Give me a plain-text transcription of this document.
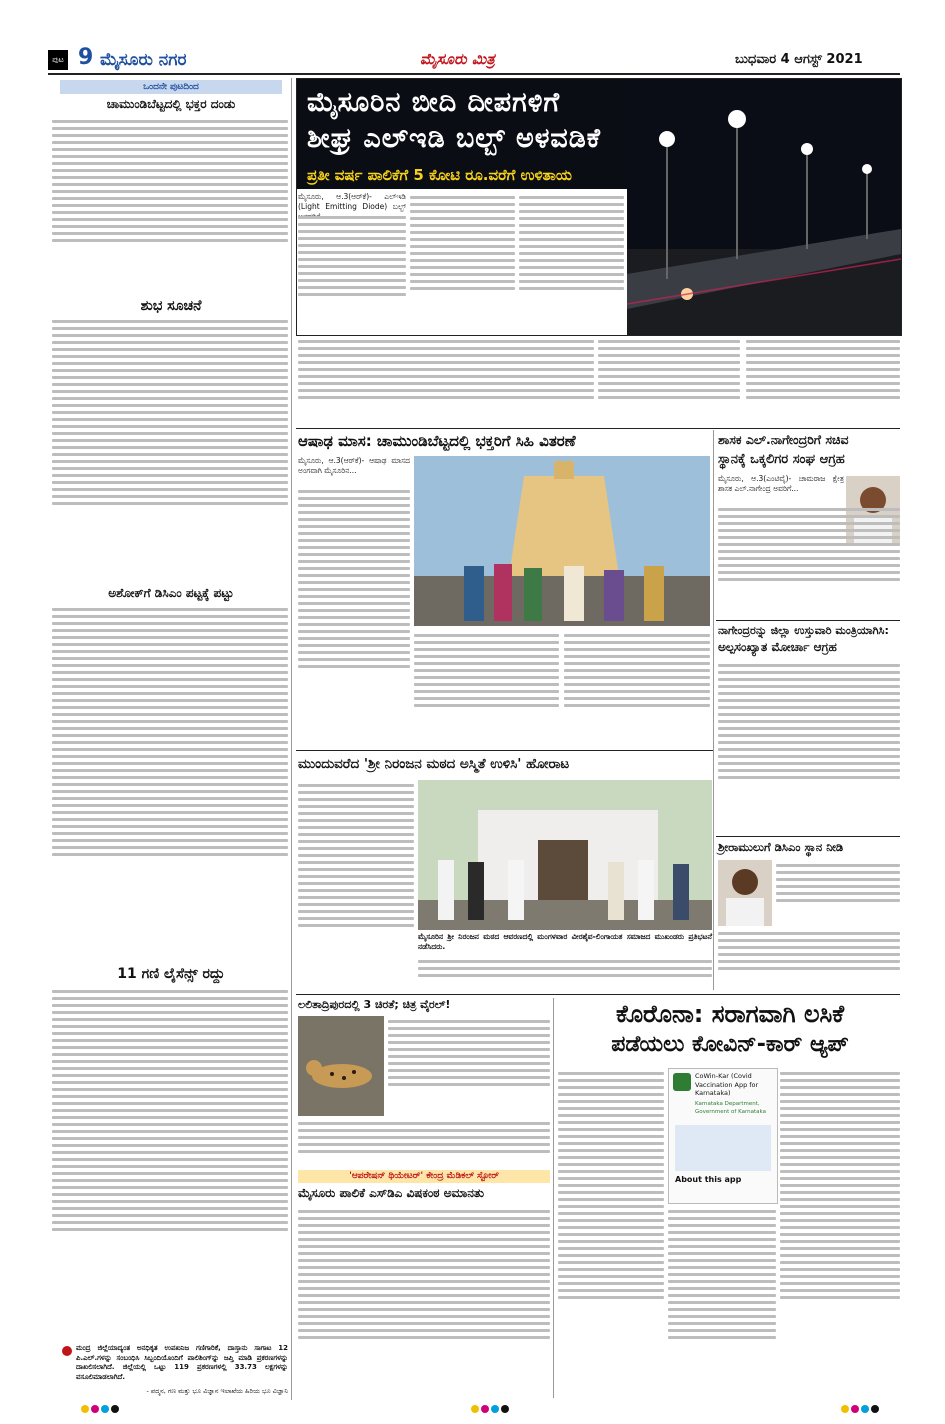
ಪುಟ 9 ಮೈಸೂರು ನಗರ	ಮೈಸೂರು ಮಿತ್ರ	ಬುಧವಾರ 4 ಆಗಸ್ಟ್ 2021
ಒಂದನೇ ಪುಟದಿಂದ
ಚಾಮುಂಡಿಬೆಟ್ಟದಲ್ಲಿ ಭಕ್ತರ ದಂಡು
ಶುಭ ಸೂಚನೆ
ಅಶೋಕ್‌ಗೆ ಡಿಸಿಎಂ ಪಟ್ಟಕ್ಕೆ ಪಟ್ಟು
11 ಗಣಿ ಲೈಸೆನ್ಸ್ ರದ್ದು
ಮಂದ್ರ ಜಿಲ್ಲೆಯಾದ್ಯಂತ ಅನಧಿಕೃತ ಉಪಖನಿಜ ಗಣಿಗಾರಿಕೆ, ದಾಸ್ತಾನು ಸಾಗಾಟ 12 ಪಿ.ಎಲ್.ಗಳನ್ನು ಸಂಬಂಧಿಸಿ ಸಿಬ್ಬಂದಿಯೊಂದಿಗೆ ಪಾಲಿಶಿಂಗ್‌ನ್ನು ಜಪ್ತಿ ಮಾಡಿ ಪ್ರಕರಣಗಳನ್ನು ದಾಖಲಿಸಲಾಗಿದೆ. ಜಿಲ್ಲೆಯಲ್ಲಿ ಒಟ್ಟು 119 ಪ್ರಕರಣಗಳಲ್ಲಿ 33.73 ಲಕ್ಷಗಳನ್ನು ವಸೂಲಿಮಾಡಲಾಗಿದೆ.
- ಪದ್ಮನ, ಗಣ ಮತ್ತು ಭೂ ವಿಜ್ಞಾನ ಇಲಾಖೆಯ ಹಿರಿಯ ಭೂ ವಿಜ್ಞಾನಿ
ಮೈಸೂರಿನ ಬೀದಿ ದೀಪಗಳಿಗೆ
ಶೀಘ್ರ ಎಲ್‌ಇಡಿ ಬಲ್ಬ್ ಅಳವಡಿಕೆ
ಪ್ರತೀ ವರ್ಷ ಪಾಲಿಕೆಗೆ 5 ಕೋಟಿ ರೂ.ವರೆಗೆ ಉಳಿತಾಯ
ಮೈಸೂರು, ಆ.3(ಆರ್‌ಕೆ)- ಎಲ್ಇಡಿ (Light Emitting Diode) ಬಲ್ಬ್
ಆಷಾಢ ಮಾಸ: ಚಾಮುಂಡಿಬೆಟ್ಟದಲ್ಲಿ ಭಕ್ತರಿಗೆ ಸಿಹಿ ವಿತರಣೆ
ಮೈಸೂರು, ಆ.3(ಆರ್‌ಕೆ)- ಆಷಾಢ ಮಾಸದ ಅಂಗವಾಗಿ ಮೈಸೂರಿನ...
ಶಾಸಕ ಎಲ್.ನಾಗೇಂದ್ರರಿಗೆ ಸಚಿವ
ಸ್ಥಾನಕ್ಕೆ ಒಕ್ಕಲಿಗರ ಸಂಘ ಆಗ್ರಹ
ಮೈಸೂರು, ಆ.3(ಎಂಟಿವೈ)- ಚಾಮರಾಜ ಕ್ಷೇತ್ರ ಶಾಸಕ ಎಲ್.ನಾಗೇಂದ್ರ ಅವರಿಗೆ...
ನಾಗೇಂದ್ರರನ್ನು ಜಿಲ್ಲಾ ಉಸ್ತುವಾರಿ ಮಂತ್ರಿಯಾಗಿಸಿ:
ಅಲ್ಪಸಂಖ್ಯಾತ ಮೋರ್ಚಾ ಆಗ್ರಹ
ಶ್ರೀರಾಮುಲುಗೆ ಡಿಸಿಎಂ ಸ್ಥಾನ ನೀಡಿ
ಮುಂದುವರೆದ 'ಶ್ರೀ ನಿರಂಜನ ಮಠದ ಅಸ್ಮಿತೆ ಉಳಿಸಿ' ಹೋರಾಟ
ಮೈಸೂರಿನ ಶ್ರೀ ನಿರಂಜನ ಮಠದ ಆವರಣದಲ್ಲಿ ಮಂಗಳವಾರ ವೀರಶೈವ-ಲಿಂಗಾಯತ ಸಮಾಜದ ಮುಖಂಡರು ಪ್ರತಿಭಟನೆ ನಡೆಸಿದರು.
ಲಲಿತಾದ್ರಿಪುರದಲ್ಲಿ 3 ಚಿರತೆ; ಚಿತ್ರ ವೈರಲ್!
'ಆಪರೇಷನ್ ಥಿಯೇಟರ್' ಕೇಂದ್ರ ಮೆಡಿಕಲ್ ಸ್ಟೋರ್
ಮೈಸೂರು ಪಾಲಿಕೆ ಎಸ್‌ಡಿಎ ವಿಷಕಂಠ ಅಮಾನತು
ಕೊರೊನಾ: ಸರಾಗವಾಗಿ ಲಸಿಕೆ
ಪಡೆಯಲು ಕೋವಿನ್-ಕಾರ್ ಆ್ಯಪ್
CoWin-Kar (Covid Vaccination App for Karnataka)
Karnataka Department, Government of Karnataka
About this app
